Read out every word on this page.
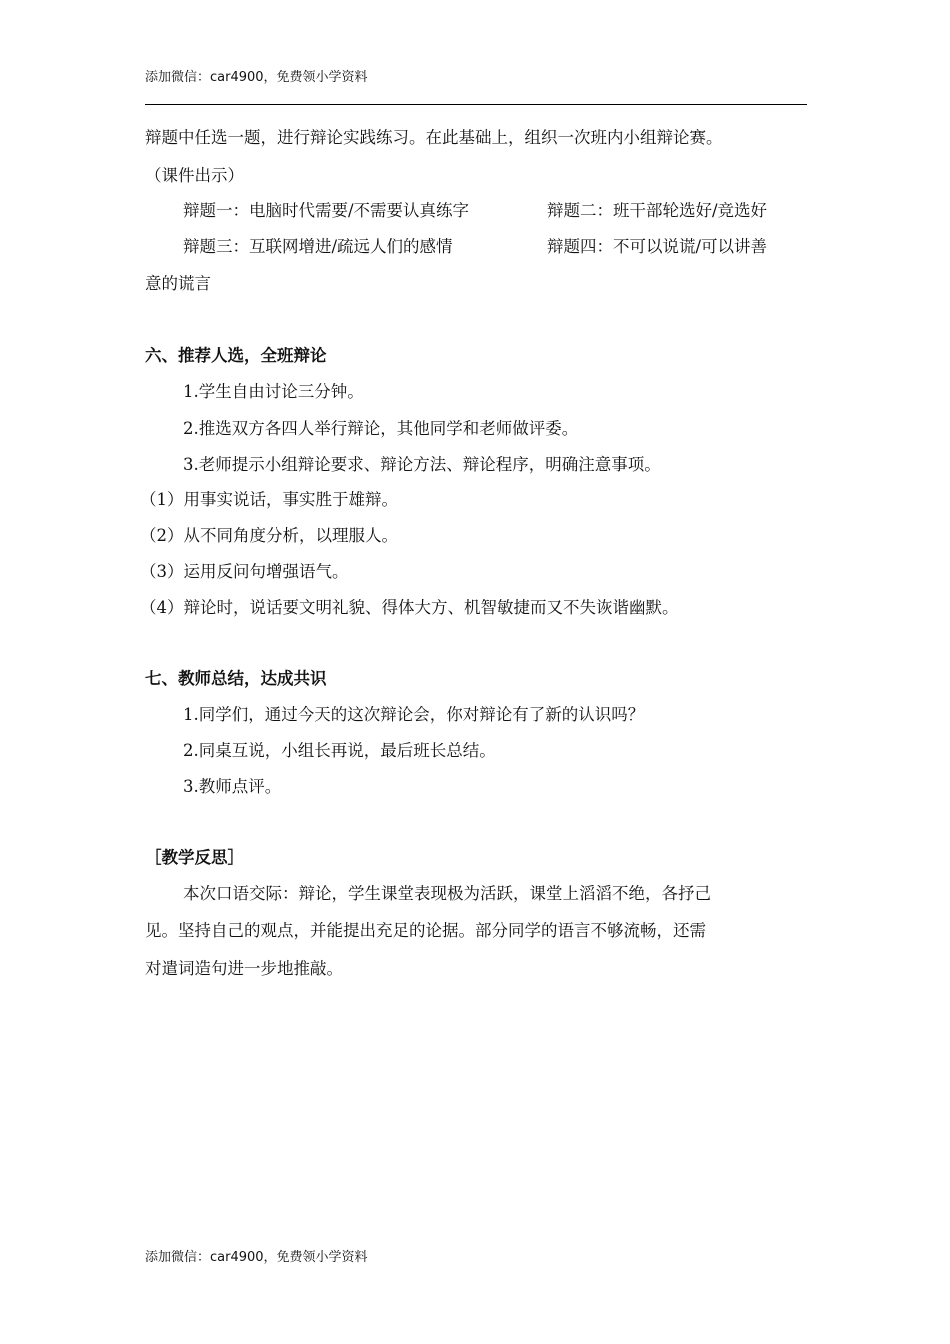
添加微信：car4900，免费领小学资料
辩题中任选一题，进行辩论实践练习。在此基础上，组织一次班内小组辩论赛。
（课件出示）
辩题一：电脑时代需要/不需要认真练字	辩题二：班干部轮选好/竞选好
辩题三：互联网增进/疏远人们的感情	辩题四：不可以说谎/可以讲善
意的谎言
六、推荐人选，全班辩论
1.学生自由讨论三分钟。
2.推选双方各四人举行辩论，其他同学和老师做评委。
3.老师提示小组辩论要求、辩论方法、辩论程序，明确注意事项。
（1）用事实说话，事实胜于雄辩。
（2）从不同角度分析，以理服人。
（3）运用反问句增强语气。
（4）辩论时，说话要文明礼貌、得体大方、机智敏捷而又不失诙谐幽默。
七、教师总结，达成共识
1.同学们，通过今天的这次辩论会，你对辩论有了新的认识吗？
2.同桌互说，小组长再说，最后班长总结。
3.教师点评。
［教学反思］
本次口语交际：辩论，学生课堂表现极为活跃，课堂上滔滔不绝，各抒己
见。坚持自己的观点，并能提出充足的论据。部分同学的语言不够流畅，还需
对遣词造句进一步地推敲。
添加微信：car4900，免费领小学资料
